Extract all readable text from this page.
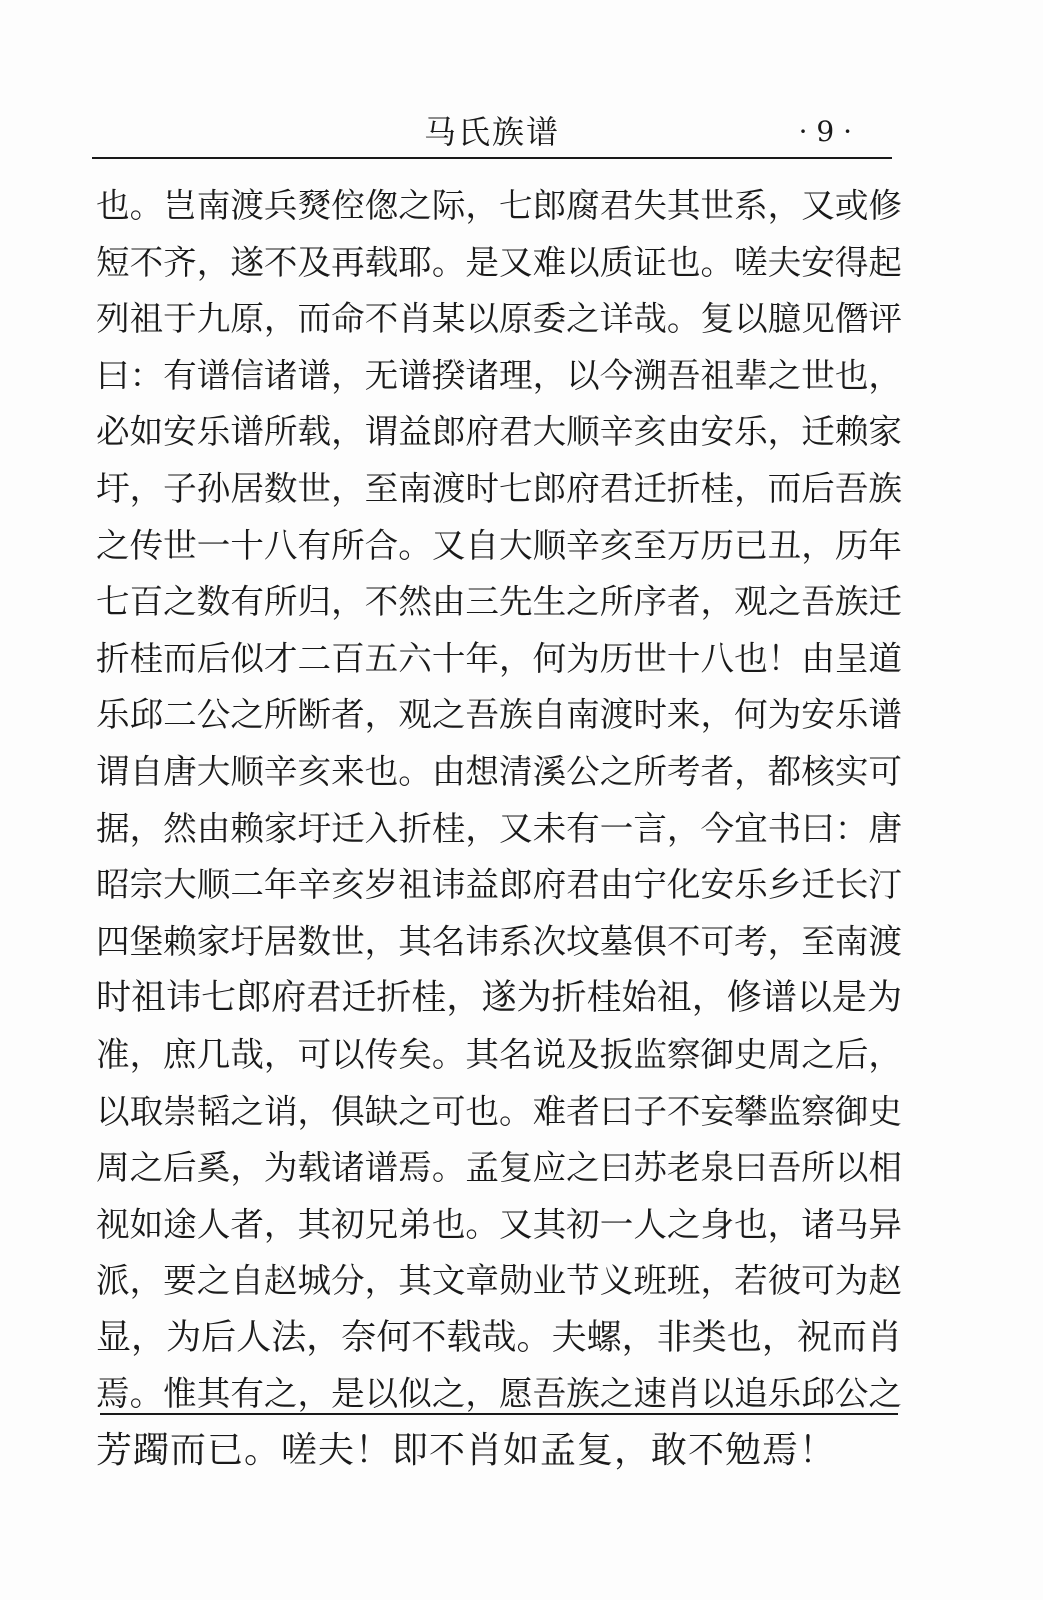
马氏族谱	· 9 ·
也。岂南渡兵燹倥偬之际，七郎腐君失其世系，又或修
短不齐，遂不及再载耶。是又难以质证也。嗟夫安得起
列祖于九原，而命不肖某以原委之详哉。复以臆见僭评
曰：有谱信诸谱，无谱揆诸理，以今溯吾祖辈之世也，
必如安乐谱所载，谓益郎府君大顺辛亥由安乐，迁赖家
圩，子孙居数世，至南渡时七郎府君迁折桂，而后吾族
之传世一十八有所合。又自大顺辛亥至万历已丑，历年
七百之数有所归，不然由三先生之所序者，观之吾族迁
折桂而后似才二百五六十年，何为历世十八也！由呈道
乐邱二公之所断者，观之吾族自南渡时来，何为安乐谱
谓自唐大顺辛亥来也。由想清溪公之所考者，都核实可
据，然由赖家圩迁入折桂，又未有一言，今宜书曰：唐
昭宗大顺二年辛亥岁祖讳益郎府君由宁化安乐乡迁长汀
四堡赖家圩居数世，其名讳系次坟墓俱不可考，至南渡
时祖讳七郎府君迁折桂，遂为折桂始祖，修谱以是为
准，庶几哉，可以传矣。其名说及扳监察御史周之后，
以取崇韬之诮，俱缺之可也。难者曰子不妄攀监察御史
周之后奚，为载诸谱焉。孟复应之曰苏老泉曰吾所以相
视如途人者，其初兄弟也。又其初一人之身也，诸马异
派，要之自赵城分，其文章勋业节义班班，若彼可为赵
显，为后人法，奈何不载哉。夫螺，非类也，祝而肖
焉。惟其有之，是以似之，愿吾族之速肖以追乐邱公之
芳躅而已。嗟夫！即不肖如孟复，敢不勉焉！
